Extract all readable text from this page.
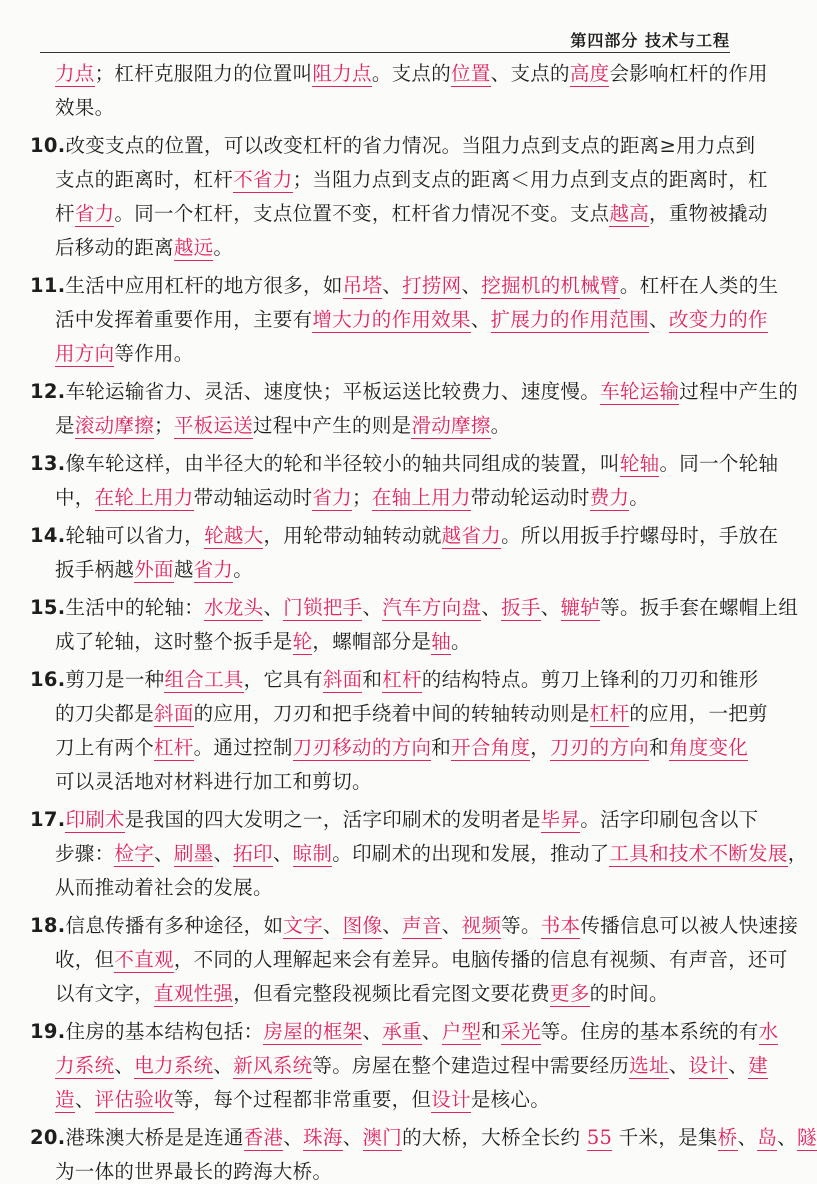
第四部分 技术与工程
力点；杠杆克服阻力的位置叫阻力点。支点的位置、支点的高度会影响杠杆的作用
效果。
10.改变支点的位置，可以改变杠杆的省力情况。当阻力点到支点的距离≥用力点到
支点的距离时，杠杆不省力；当阻力点到支点的距离＜用力点到支点的距离时，杠
杆省力。同一个杠杆，支点位置不变，杠杆省力情况不变。支点越高，重物被撬动
后移动的距离越远。
11.生活中应用杠杆的地方很多，如吊塔、打捞网、挖掘机的机械臂。杠杆在人类的生
活中发挥着重要作用，主要有增大力的作用效果、扩展力的作用范围、改变力的作
用方向等作用。
12.车轮运输省力、灵活、速度快；平板运送比较费力、速度慢。车轮运输过程中产生的
是滚动摩擦；平板运送过程中产生的则是滑动摩擦。
13.像车轮这样，由半径大的轮和半径较小的轴共同组成的装置，叫轮轴。同一个轮轴
中，在轮上用力带动轴运动时省力；在轴上用力带动轮运动时费力。
14.轮轴可以省力，轮越大，用轮带动轴转动就越省力。所以用扳手拧螺母时，手放在
扳手柄越外面越省力。
15.生活中的轮轴：水龙头、门锁把手、汽车方向盘、扳手、辘轳等。扳手套在螺帽上组
成了轮轴，这时整个扳手是轮，螺帽部分是轴。
16.剪刀是一种组合工具，它具有斜面和杠杆的结构特点。剪刀上锋利的刀刃和锥形
的刀尖都是斜面的应用，刀刃和把手绕着中间的转轴转动则是杠杆的应用，一把剪
刀上有两个杠杆。通过控制刀刃移动的方向和开合角度，刀刃的方向和角度变化
可以灵活地对材料进行加工和剪切。
17.印刷术是我国的四大发明之一，活字印刷术的发明者是毕昇。活字印刷包含以下
步骤：检字、刷墨、拓印、晾制。印刷术的出现和发展，推动了工具和技术不断发展，
从而推动着社会的发展。
18.信息传播有多种途径，如文字、图像、声音、视频等。书本传播信息可以被人快速接
收，但不直观，不同的人理解起来会有差异。电脑传播的信息有视频、有声音，还可
以有文字，直观性强，但看完整段视频比看完图文要花费更多的时间。
19.住房的基本结构包括：房屋的框架、承重、户型和采光等。住房的基本系统的有水
力系统、电力系统、新风系统等。房屋在整个建造过程中需要经历选址、设计、建
造、评估验收等，每个过程都非常重要，但设计是核心。
20.港珠澳大桥是是连通香港、珠海、澳门的大桥，大桥全长约 55 千米，是集桥、岛、隧
为一体的世界最长的跨海大桥。
